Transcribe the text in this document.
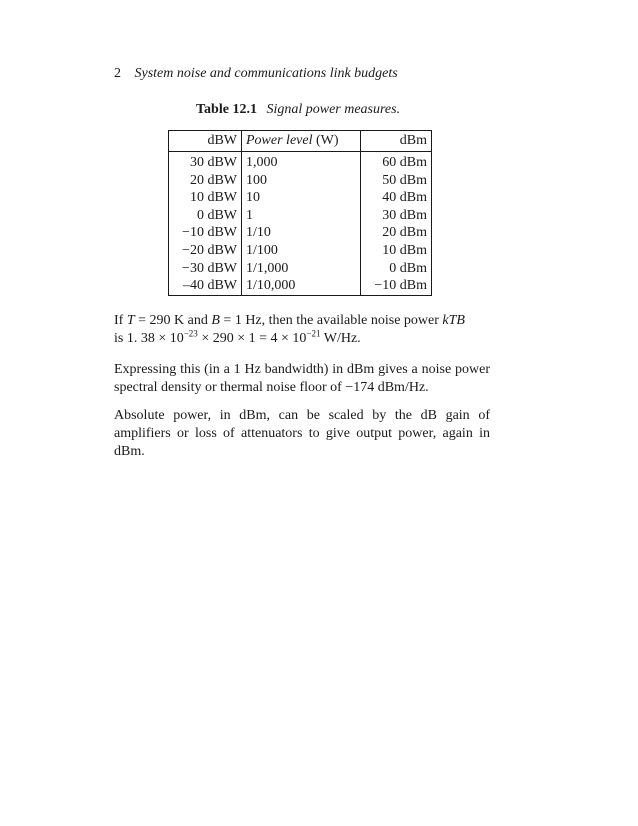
2 System noise and communications link budgets
Table 12.1 Signal power measures.
dBW	Power level (W)	dBm
30 dBW	1,000	60 dBm
20 dBW	100	50 dBm
10 dBW	10	40 dBm
0 dBW	1	30 dBm
−10 dBW	1/10	20 dBm
−20 dBW	1/100	10 dBm
−30 dBW	1/1,000	0 dBm
–40 dBW	1/10,000	−10 dBm
If T = 290 K and B = 1 Hz, then the available noise power kTB
is 1. $38 \times 10^{-23} \times 290 \times 1 = 4 \times 10^{-21}$ W/Hz.
Expressing this (in a 1 Hz bandwidth) in dBm gives a noise power spectral density or thermal noise floor of −174 dBm/Hz.
Absolute power, in dBm, can be scaled by the dB gain of amplifiers or loss of attenuators to give output power, again in dBm.
